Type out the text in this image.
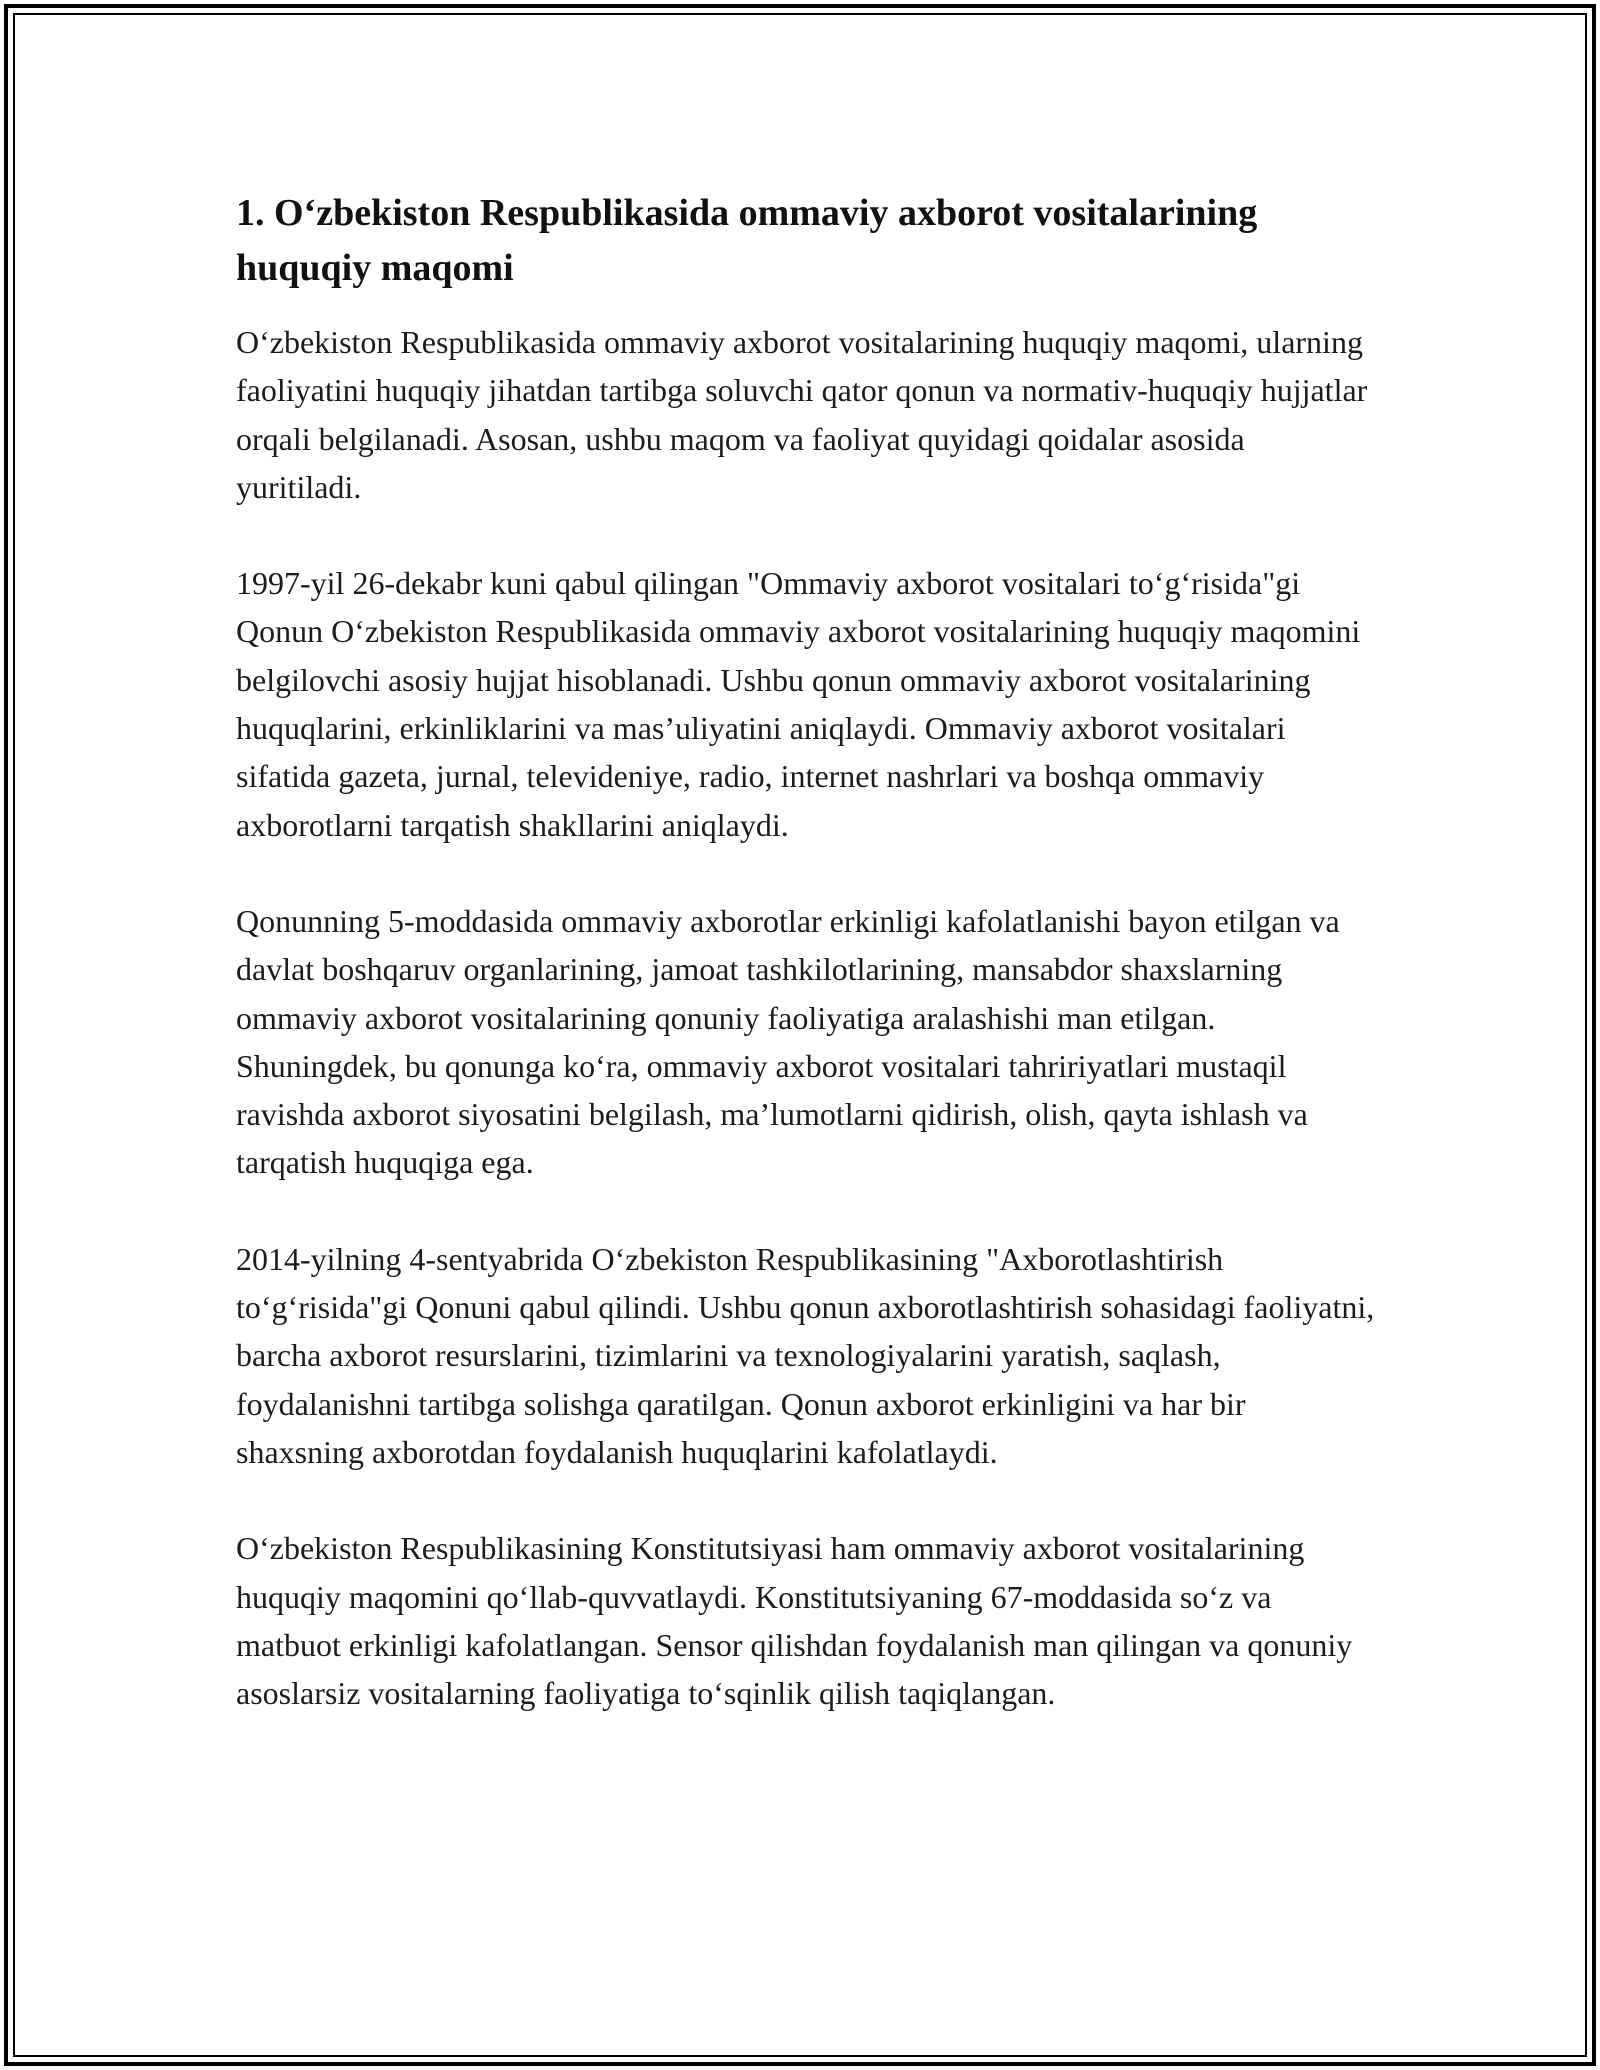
1. O‘zbekiston Respublikasida ommaviy axborot vositalarining huquqiy maqomi

O‘zbekiston Respublikasida ommaviy axborot vositalarining huquqiy maqomi, ularning faoliyatini huquqiy jihatdan tartibga soluvchi qator qonun va normativ-huquqiy hujjatlar orqali belgilanadi. Asosan, ushbu maqom va faoliyat quyidagi qoidalar asosida yuritiladi.

1997-yil 26-dekabr kuni qabul qilingan "Ommaviy axborot vositalari to‘g‘risida"gi Qonun O‘zbekiston Respublikasida ommaviy axborot vositalarining huquqiy maqomini belgilovchi asosiy hujjat hisoblanadi. Ushbu qonun ommaviy axborot vositalarining huquqlarini, erkinliklarini va mas’uliyatini aniqlaydi. Ommaviy axborot vositalari sifatida gazeta, jurnal, televideniye, radio, internet nashrlari va boshqa ommaviy axborotlarni tarqatish shakllarini aniqlaydi.

Qonunning 5-moddasida ommaviy axborotlar erkinligi kafolatlanishi bayon etilgan va davlat boshqaruv organlarining, jamoat tashkilotlarining, mansabdor shaxslarning ommaviy axborot vositalarining qonuniy faoliyatiga aralashishi man etilgan. Shuningdek, bu qonunga ko‘ra, ommaviy axborot vositalari tahririyatlari mustaqil ravishda axborot siyosatini belgilash, ma’lumotlarni qidirish, olish, qayta ishlash va tarqatish huquqiga ega.

2014-yilning 4-sentyabrida O‘zbekiston Respublikasining "Axborotlashtirish to‘g‘risida"gi Qonuni qabul qilindi. Ushbu qonun axborotlashtirish sohasidagi faoliyatni, barcha axborot resurslarini, tizimlarini va texnologiyalarini yaratish, saqlash, foydalanishni tartibga solishga qaratilgan. Qonun axborot erkinligini va har bir shaxsning axborotdan foydalanish huquqlarini kafolatlaydi.

O‘zbekiston Respublikasining Konstitutsiyasi ham ommaviy axborot vositalarining huquqiy maqomini qo‘llab-quvvatlaydi. Konstitutsiyaning 67-moddasida so‘z va matbuot erkinligi kafolatlangan. Sensor qilishdan foydalanish man qilingan va qonuniy asoslarsiz vositalarning faoliyatiga to‘sqinlik qilish taqiqlangan.
